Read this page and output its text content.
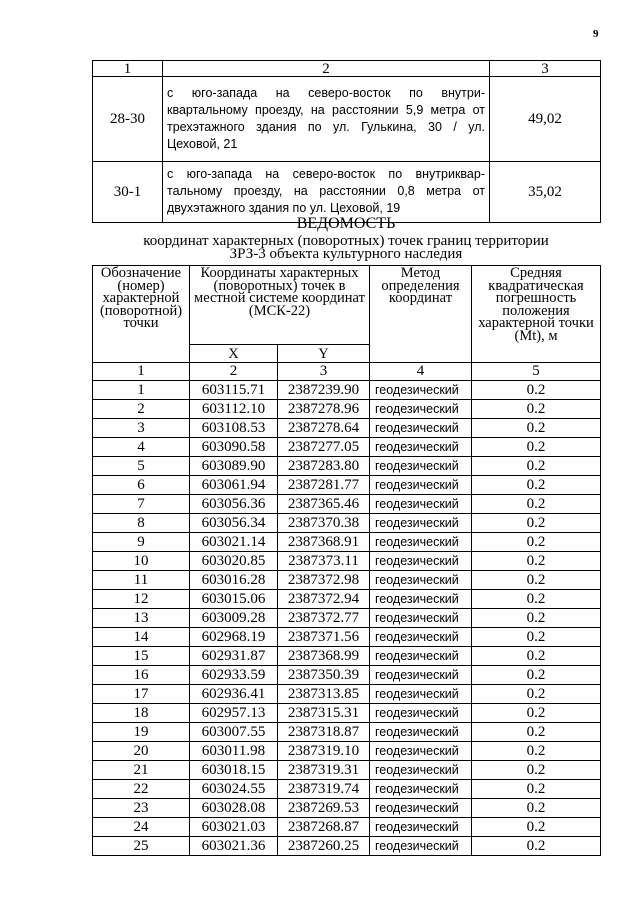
9
1	2	3
28-30	с юго-запада на северо-восток по внутри-квартальному проезду, на расстоянии 5,9 метра от трехэтажного здания по ул. Гулькина, 30 / ул. Цеховой, 21	49,02
30-1	с юго-запада на северо-восток по внутриквар-тальному проезду, на расстоянии 0,8 метра от двухэтажного здания по ул. Цеховой, 19	35,02
ВЕДОМОСТЬ
координат характерных (поворотных) точек границ территории
ЗРЗ-3 объекта культурного наследия
Обозначение (номер) характерной (поворотной) точки	Координаты характерных (поворотных) точек в местной системе координат (МСК-22)		Метод определения координат	Средняя квадратическая погрешность положения характерной точки (Mt), м
	X	Y		
1	2	3	4	5
1	603115.71	2387239.90	геодезический	0.2
2	603112.10	2387278.96	геодезический	0.2
3	603108.53	2387278.64	геодезический	0.2
4	603090.58	2387277.05	геодезический	0.2
5	603089.90	2387283.80	геодезический	0.2
6	603061.94	2387281.77	геодезический	0.2
7	603056.36	2387365.46	геодезический	0.2
8	603056.34	2387370.38	геодезический	0.2
9	603021.14	2387368.91	геодезический	0.2
10	603020.85	2387373.11	геодезический	0.2
11	603016.28	2387372.98	геодезический	0.2
12	603015.06	2387372.94	геодезический	0.2
13	603009.28	2387372.77	геодезический	0.2
14	602968.19	2387371.56	геодезический	0.2
15	602931.87	2387368.99	геодезический	0.2
16	602933.59	2387350.39	геодезический	0.2
17	602936.41	2387313.85	геодезический	0.2
18	602957.13	2387315.31	геодезический	0.2
19	603007.55	2387318.87	геодезический	0.2
20	603011.98	2387319.10	геодезический	0.2
21	603018.15	2387319.31	геодезический	0.2
22	603024.55	2387319.74	геодезический	0.2
23	603028.08	2387269.53	геодезический	0.2
24	603021.03	2387268.87	геодезический	0.2
25	603021.36	2387260.25	геодезический	0.2
